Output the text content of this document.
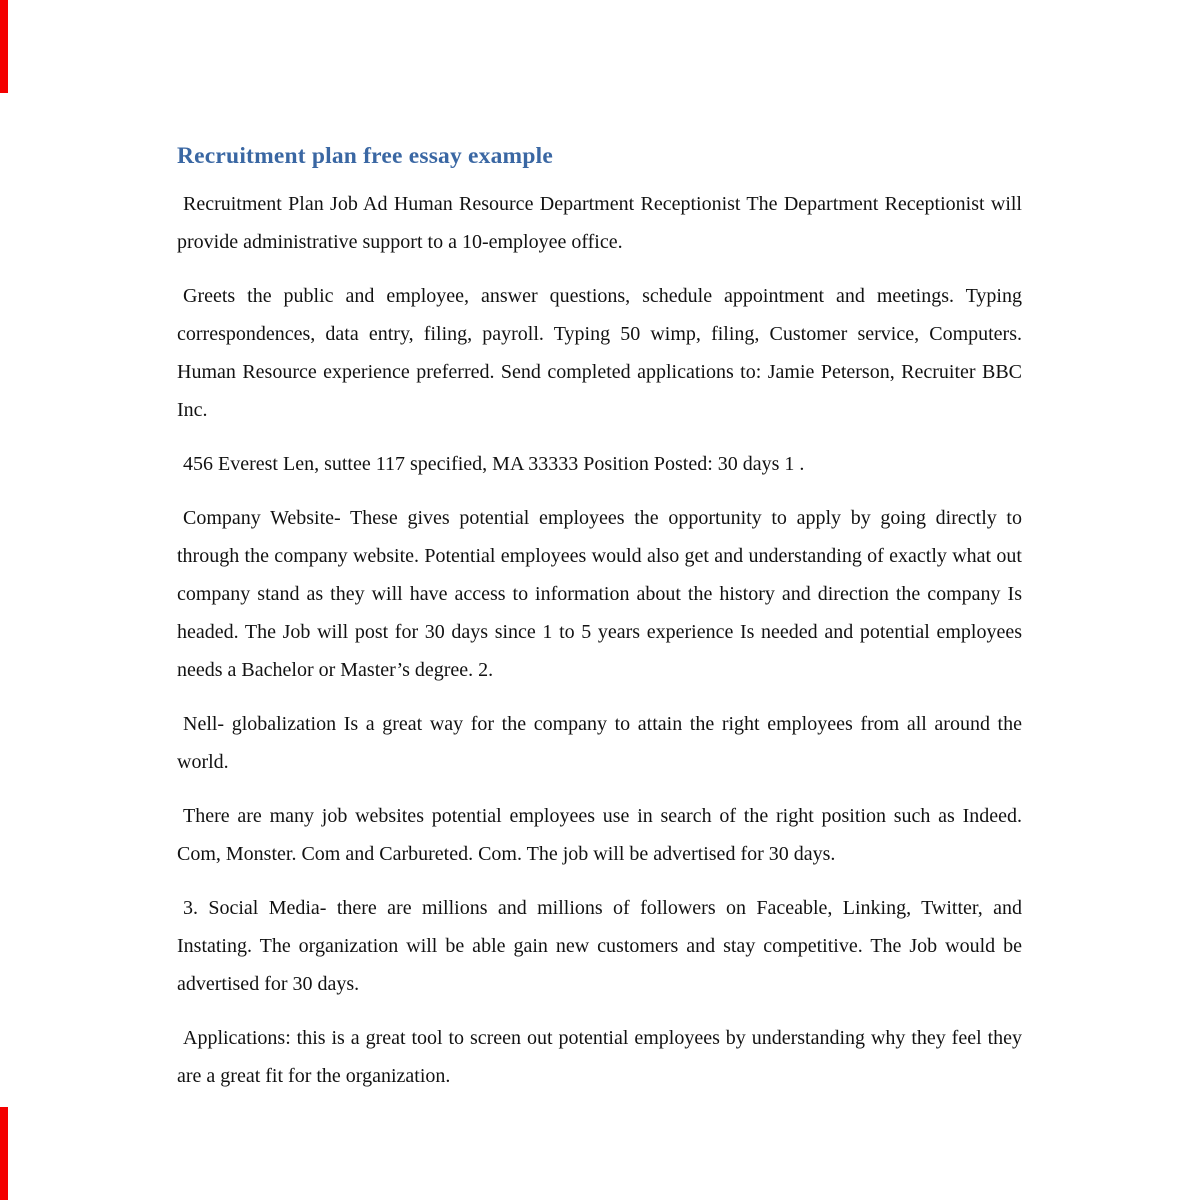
Recruitment plan free essay example

Recruitment Plan Job Ad Human Resource Department Receptionist The Department Receptionist will provide administrative support to a 10-employee office.

Greets the public and employee, answer questions, schedule appointment and meetings. Typing correspondences, data entry, filing, payroll. Typing 50 wimp, filing, Customer service, Computers. Human Resource experience preferred. Send completed applications to: Jamie Peterson, Recruiter BBC Inc.

456 Everest Len, suttee 117 specified, MA 33333 Position Posted: 30 days 1 .

Company Website- These gives potential employees the opportunity to apply by going directly to through the company website. Potential employees would also get and understanding of exactly what out company stand as they will have access to information about the history and direction the company Is headed. The Job will post for 30 days since 1 to 5 years experience Is needed and potential employees needs a Bachelor or Master’s degree. 2.

Nell- globalization Is a great way for the company to attain the right employees from all around the world.

There are many job websites potential employees use in search of the right position such as Indeed. Com, Monster. Com and Carbureted. Com. The job will be advertised for 30 days.

3. Social Media- there are millions and millions of followers on Faceable, Linking, Twitter, and Instating. The organization will be able gain new customers and stay competitive. The Job would be advertised for 30 days.

Applications: this is a great tool to screen out potential employees by understanding why they feel they are a great fit for the organization.
